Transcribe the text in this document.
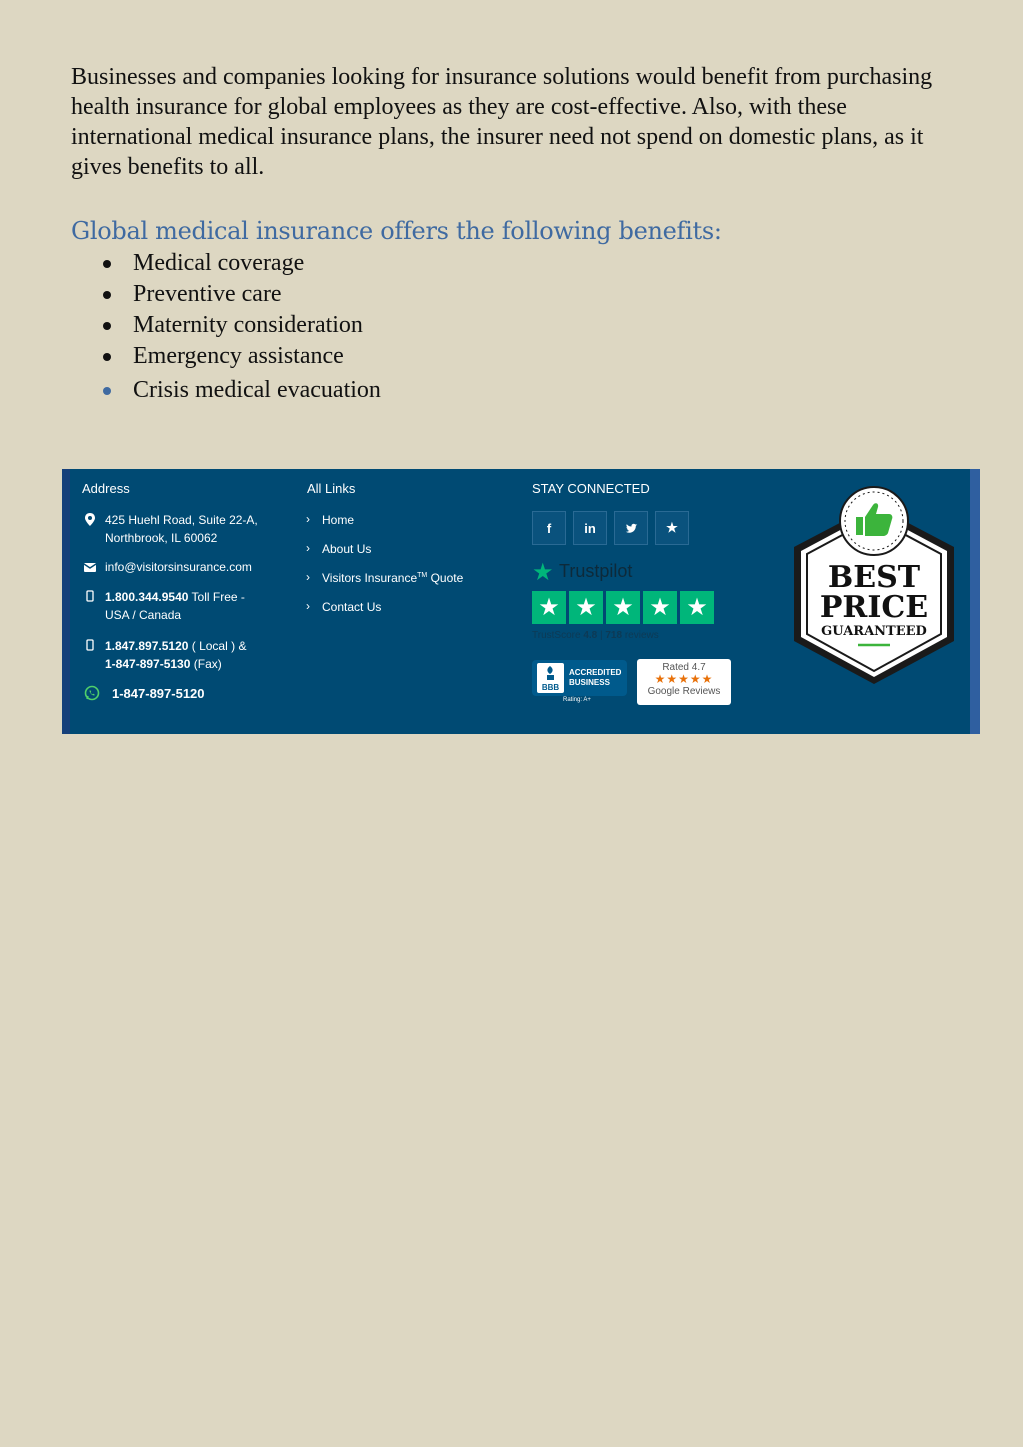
Businesses and companies looking for insurance solutions would benefit from purchasing health insurance for global employees as they are cost-effective. Also, with these international medical insurance plans, the insurer need not spend on domestic plans, as it gives benefits to all.

Global medical insurance offers the following benefits:
Medical coverage
Preventive care
Maternity consideration
Emergency assistance
Crisis medical evacuation
Address
425 Huehl Road, Suite 22-A,
Northbrook, IL 60062
info@visitorsinsurance.com
1.800.344.9540 Toll Free -
USA / Canada
1.847.897.5120 ( Local ) &
1-847-897-5130 (Fax)
1-847-897-5120
All Links
› Home
› About Us
› Visitors Insurance™ Quote
› Contact Us
STAY CONNECTED
f	in	★
★ Trustpilot
★ ★ ★ ★ ★
TrustScore 4.8 | 718 reviews
BBB
ACCREDITED
BUSINESS
Rating: A+
Rated 4.7
★★★★★
Google Reviews
BEST
PRICE
GUARANTEED
